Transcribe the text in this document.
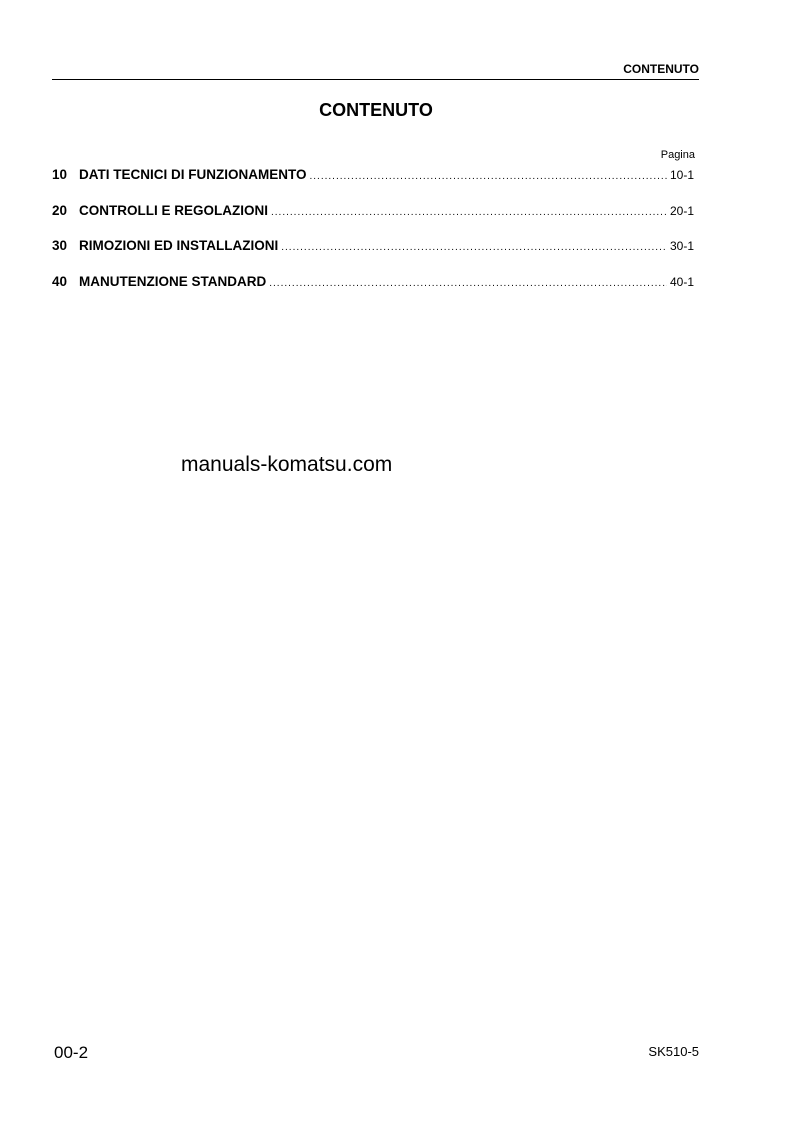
CONTENUTO
CONTENUTO
Pagina
10 DATI TECNICI DI FUNZIONAMENTO .....	10-1
20 CONTROLLI E REGOLAZIONI .....	20-1
30 RIMOZIONI ED INSTALLAZIONI .....	30-1
40 MANUTENZIONE STANDARD .....	40-1
manuals-komatsu.com
00-2	SK510-5
